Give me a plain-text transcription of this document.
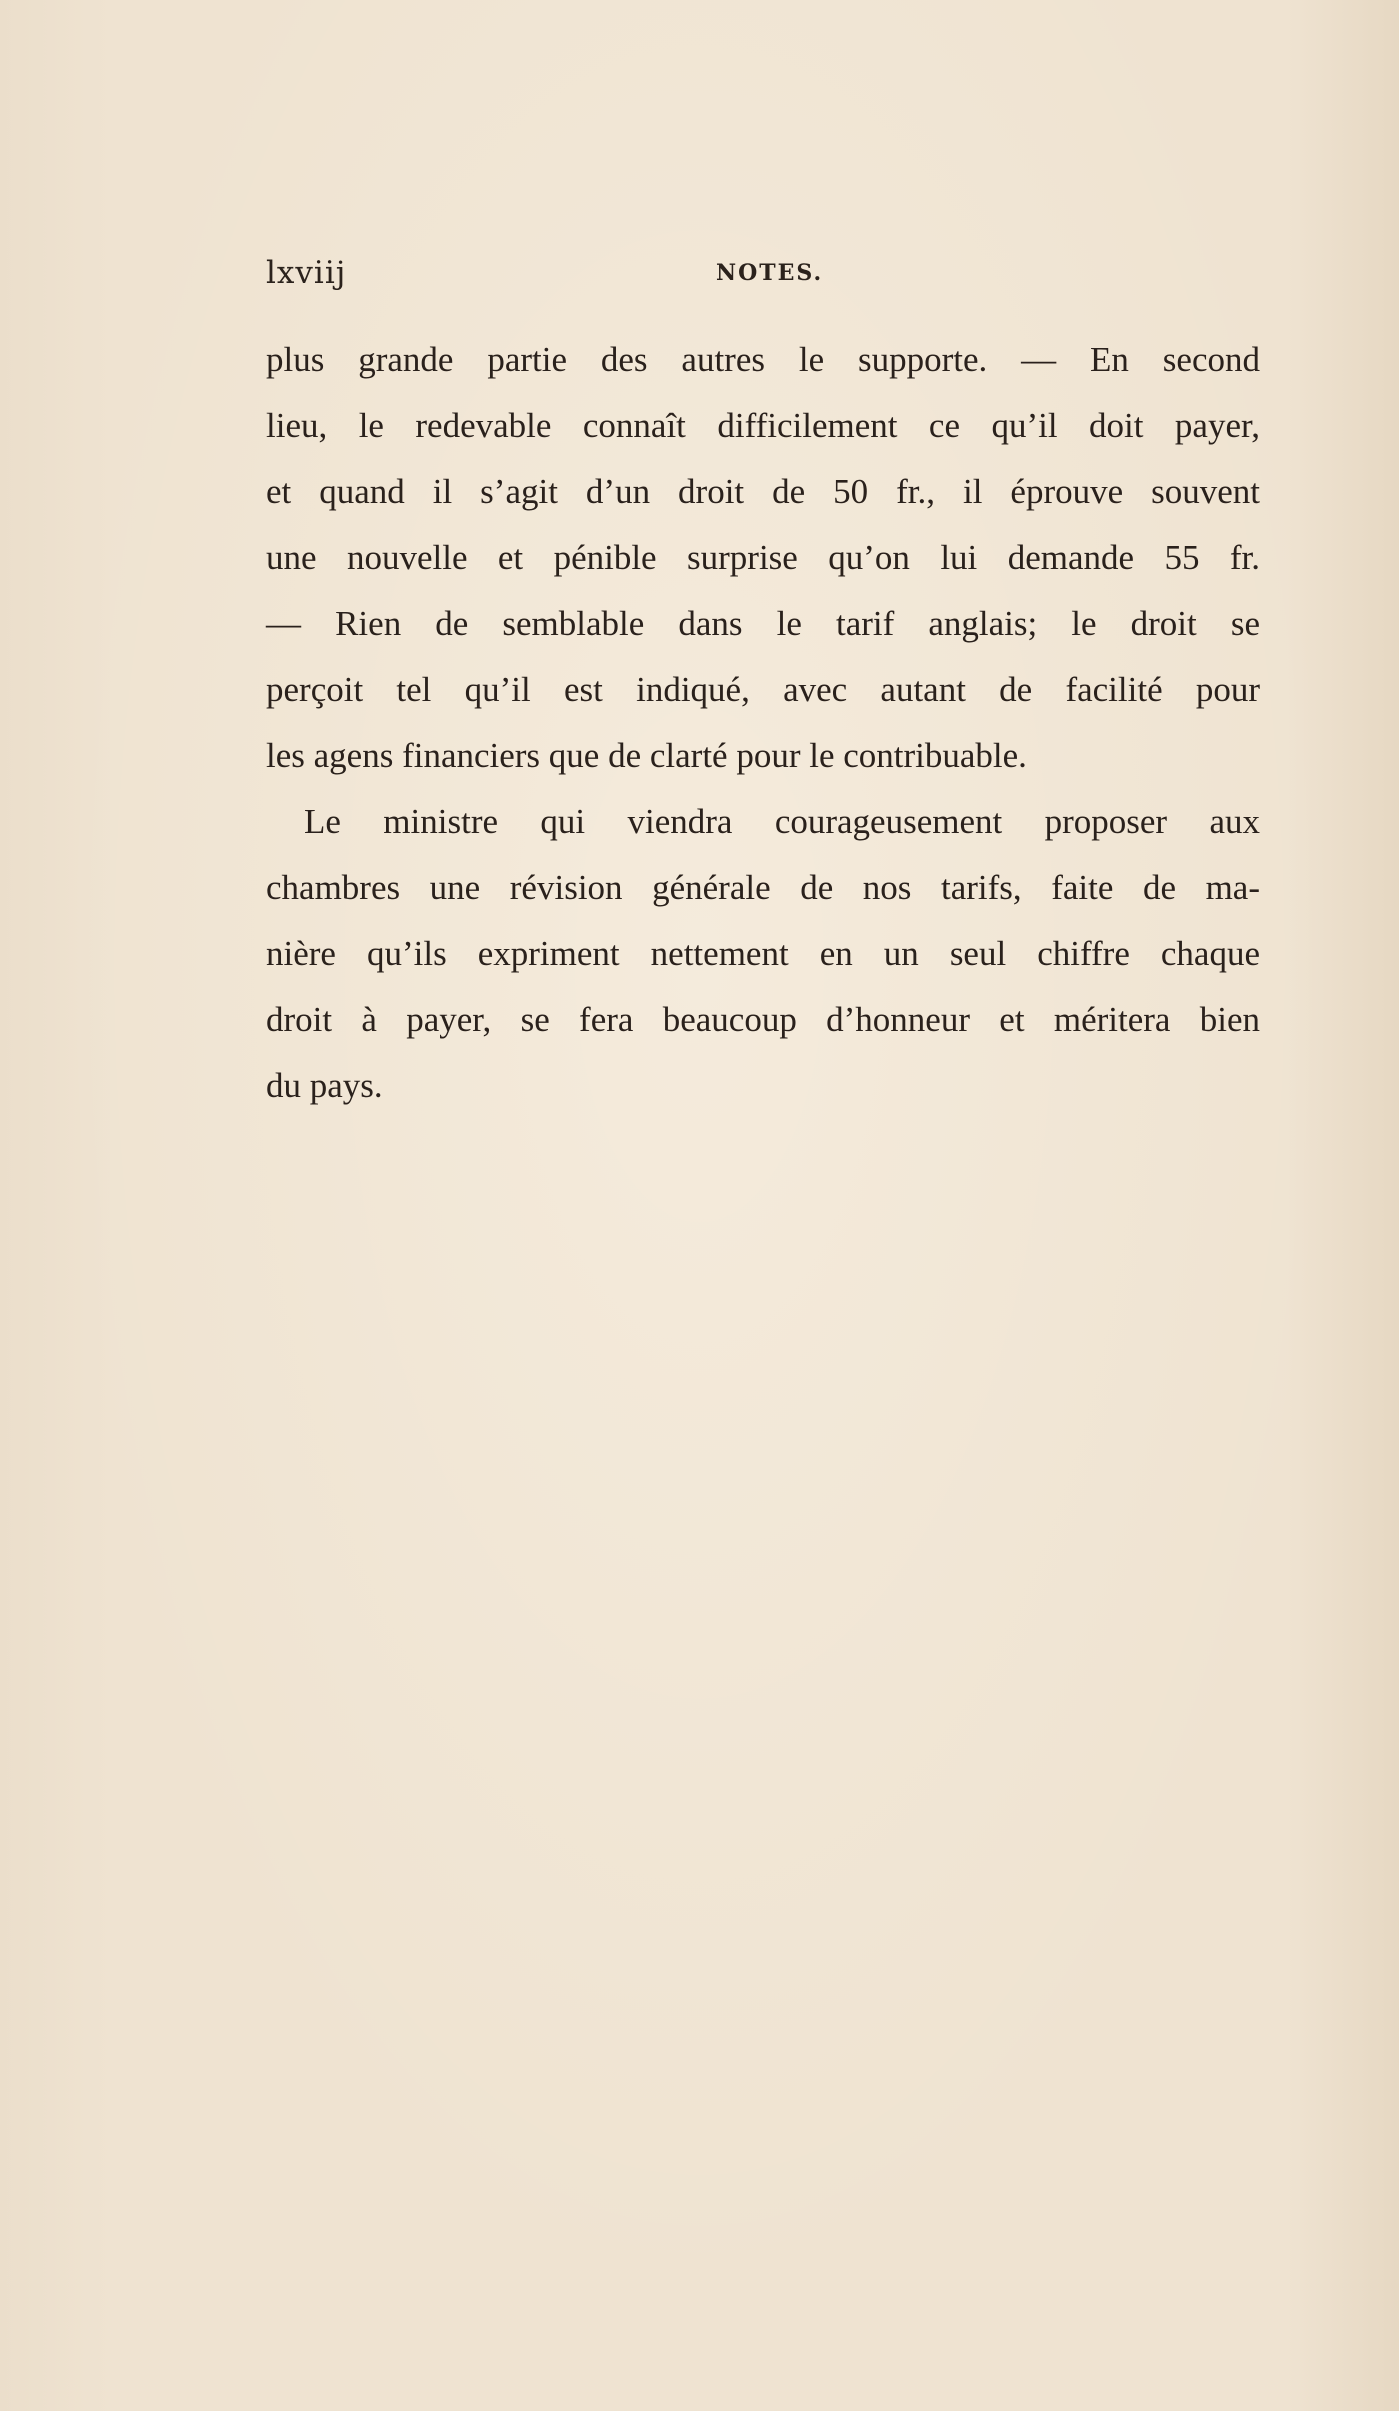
lxviij	NOTES.
plus grande partie des autres le supporte. — En second
lieu, le redevable connaît difficilement ce qu’il doit payer,
et quand il s’agit d’un droit de 50 fr., il éprouve souvent
une nouvelle et pénible surprise qu’on lui demande 55 fr.
— Rien de semblable dans le tarif anglais; le droit se
perçoit tel qu’il est indiqué, avec autant de facilité pour
les agens financiers que de clarté pour le contribuable.
Le ministre qui viendra courageusement proposer aux
chambres une révision générale de nos tarifs, faite de ma-
nière qu’ils expriment nettement en un seul chiffre chaque
droit à payer, se fera beaucoup d’honneur et méritera bien
du pays.
